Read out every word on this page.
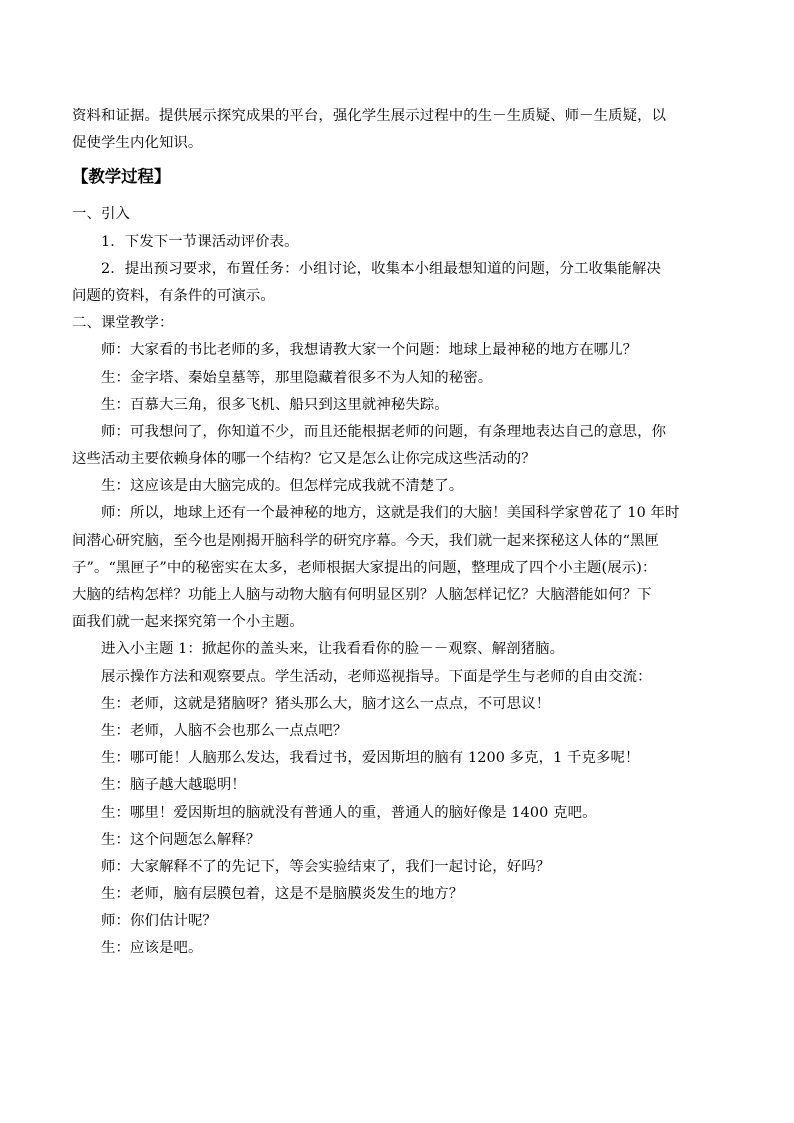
资料和证据。提供展示探究成果的平台，强化学生展示过程中的生－生质疑、师－生质疑，以
促使学生内化知识。
【教学过程】
一、引入
1．下发下一节课活动评价表。
2．提出预习要求，布置任务：小组讨论，收集本小组最想知道的问题，分工收集能解决
问题的资料，有条件的可演示。
二、课堂教学：
师：大家看的书比老师的多，我想请教大家一个问题：地球上最神秘的地方在哪儿？
生：金字塔、秦始皇墓等，那里隐藏着很多不为人知的秘密。
生：百慕大三角，很多飞机、船只到这里就神秘失踪。
师：可我想问了，你知道不少，而且还能根据老师的问题，有条理地表达自己的意思，你
这些活动主要依赖身体的哪一个结构？它又是怎么让你完成这些活动的？
生：这应该是由大脑完成的。但怎样完成我就不清楚了。
师：所以，地球上还有一个最神秘的地方，这就是我们的大脑！美国科学家曾花了 10 年时
间潜心研究脑，至今也是刚揭开脑科学的研究序幕。今天，我们就一起来探秘这人体的“黑匣
子”。“黑匣子”中的秘密实在太多，老师根据大家提出的问题，整理成了四个小主题(展示)：
大脑的结构怎样？功能上人脑与动物大脑有何明显区别？人脑怎样记忆？大脑潜能如何？下
面我们就一起来探究第一个小主题。
进入小主题 1：掀起你的盖头来，让我看看你的脸－－观察、解剖猪脑。
展示操作方法和观察要点。学生活动，老师巡视指导。下面是学生与老师的自由交流：
生：老师，这就是猪脑呀？猪头那么大，脑才这么一点点，不可思议！
生：老师，人脑不会也那么一点点吧？
生：哪可能！人脑那么发达，我看过书，爱因斯坦的脑有 1200 多克，1 千克多呢！
生：脑子越大越聪明！
生：哪里！爱因斯坦的脑就没有普通人的重，普通人的脑好像是 1400 克吧。
生：这个问题怎么解释？
师：大家解释不了的先记下，等会实验结束了，我们一起讨论，好吗？
生：老师，脑有层膜包着，这是不是脑膜炎发生的地方？
师：你们估计呢？
生：应该是吧。
